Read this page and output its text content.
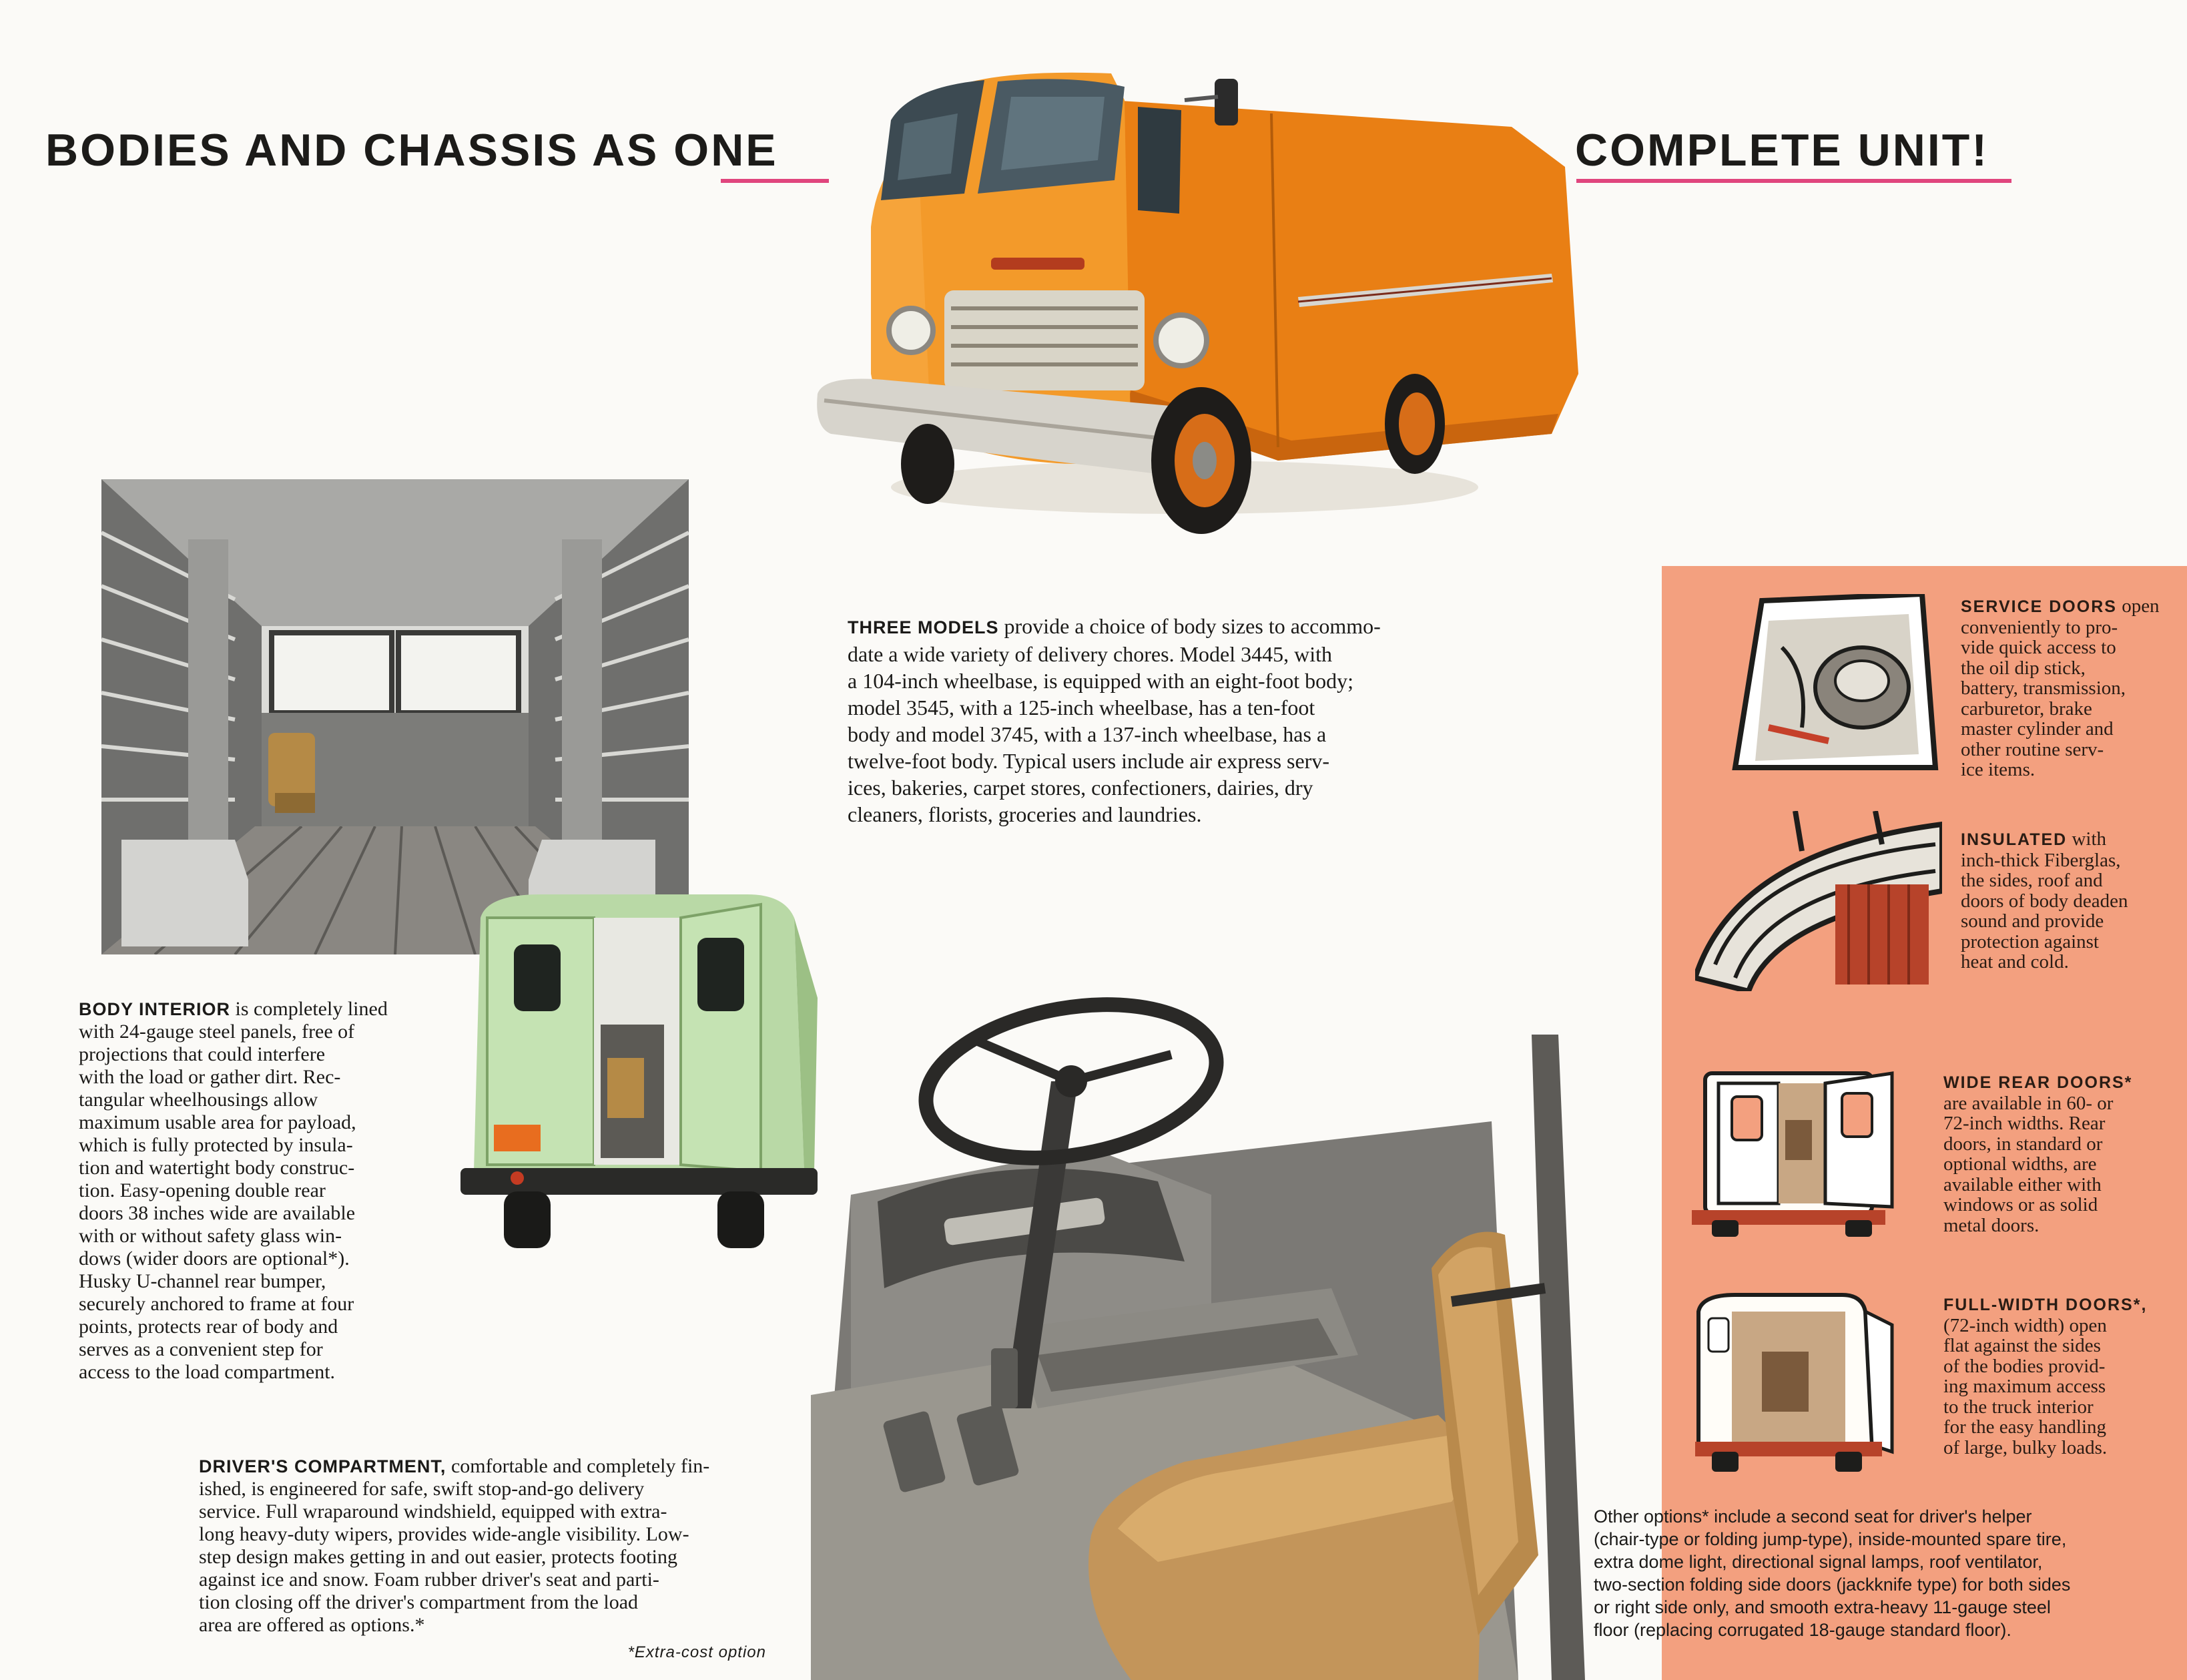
BODIES AND CHASSIS AS ONE	COMPLETE UNIT!
THREE MODELS provide a choice of body sizes to accommo-
date a wide variety of delivery chores. Model 3445, with
a 104-inch wheelbase, is equipped with an eight-foot body;
model 3545, with a 125-inch wheelbase, has a ten-foot
body and model 3745, with a 137-inch wheelbase, has a
twelve-foot body. Typical users include air express serv-
ices, bakeries, carpet stores, confectioners, dairies, dry
cleaners, florists, groceries and laundries.
BODY INTERIOR is completely lined
with 24-gauge steel panels, free of
projections that could interfere
with the load or gather dirt. Rec-
tangular wheelhousings allow
maximum usable area for payload,
which is fully protected by insula-
tion and watertight body construc-
tion. Easy-opening double rear
doors 38 inches wide are available
with or without safety glass win-
dows (wider doors are optional*).
Husky U-channel rear bumper,
securely anchored to frame at four
points, protects rear of body and
serves as a convenient step for
access to the load compartment.
DRIVER'S COMPARTMENT, comfortable and completely fin-
ished, is engineered for safe, swift stop-and-go delivery
service. Full wraparound windshield, equipped with extra-
long heavy-duty wipers, provides wide-angle visibility. Low-
step design makes getting in and out easier, protects footing
against ice and snow. Foam rubber driver's seat and parti-
tion closing off the driver's compartment from the load
area are offered as options.*
*Extra-cost option
SERVICE DOORS open
conveniently to pro-
vide quick access to
the oil dip stick,
battery, transmission,
carburetor, brake
master cylinder and
other routine serv-
ice items.
INSULATED with
inch-thick Fiberglas,
the sides, roof and
doors of body deaden
sound and provide
protection against
heat and cold.
WIDE REAR DOORS*
are available in 60- or
72-inch widths. Rear
doors, in standard or
optional widths, are
available either with
windows or as solid
metal doors.
FULL-WIDTH DOORS*,
(72-inch width) open
flat against the sides
of the bodies provid-
ing maximum access
to the truck interior
for the easy handling
of large, bulky loads.
Other options* include a second seat for driver's helper
(chair-type or folding jump-type), inside-mounted spare tire,
extra dome light, directional signal lamps, roof ventilator,
two-section folding side doors (jackknife type) for both sides
or right side only, and smooth extra-heavy 11-gauge steel
floor (replacing corrugated 18-gauge standard floor).
